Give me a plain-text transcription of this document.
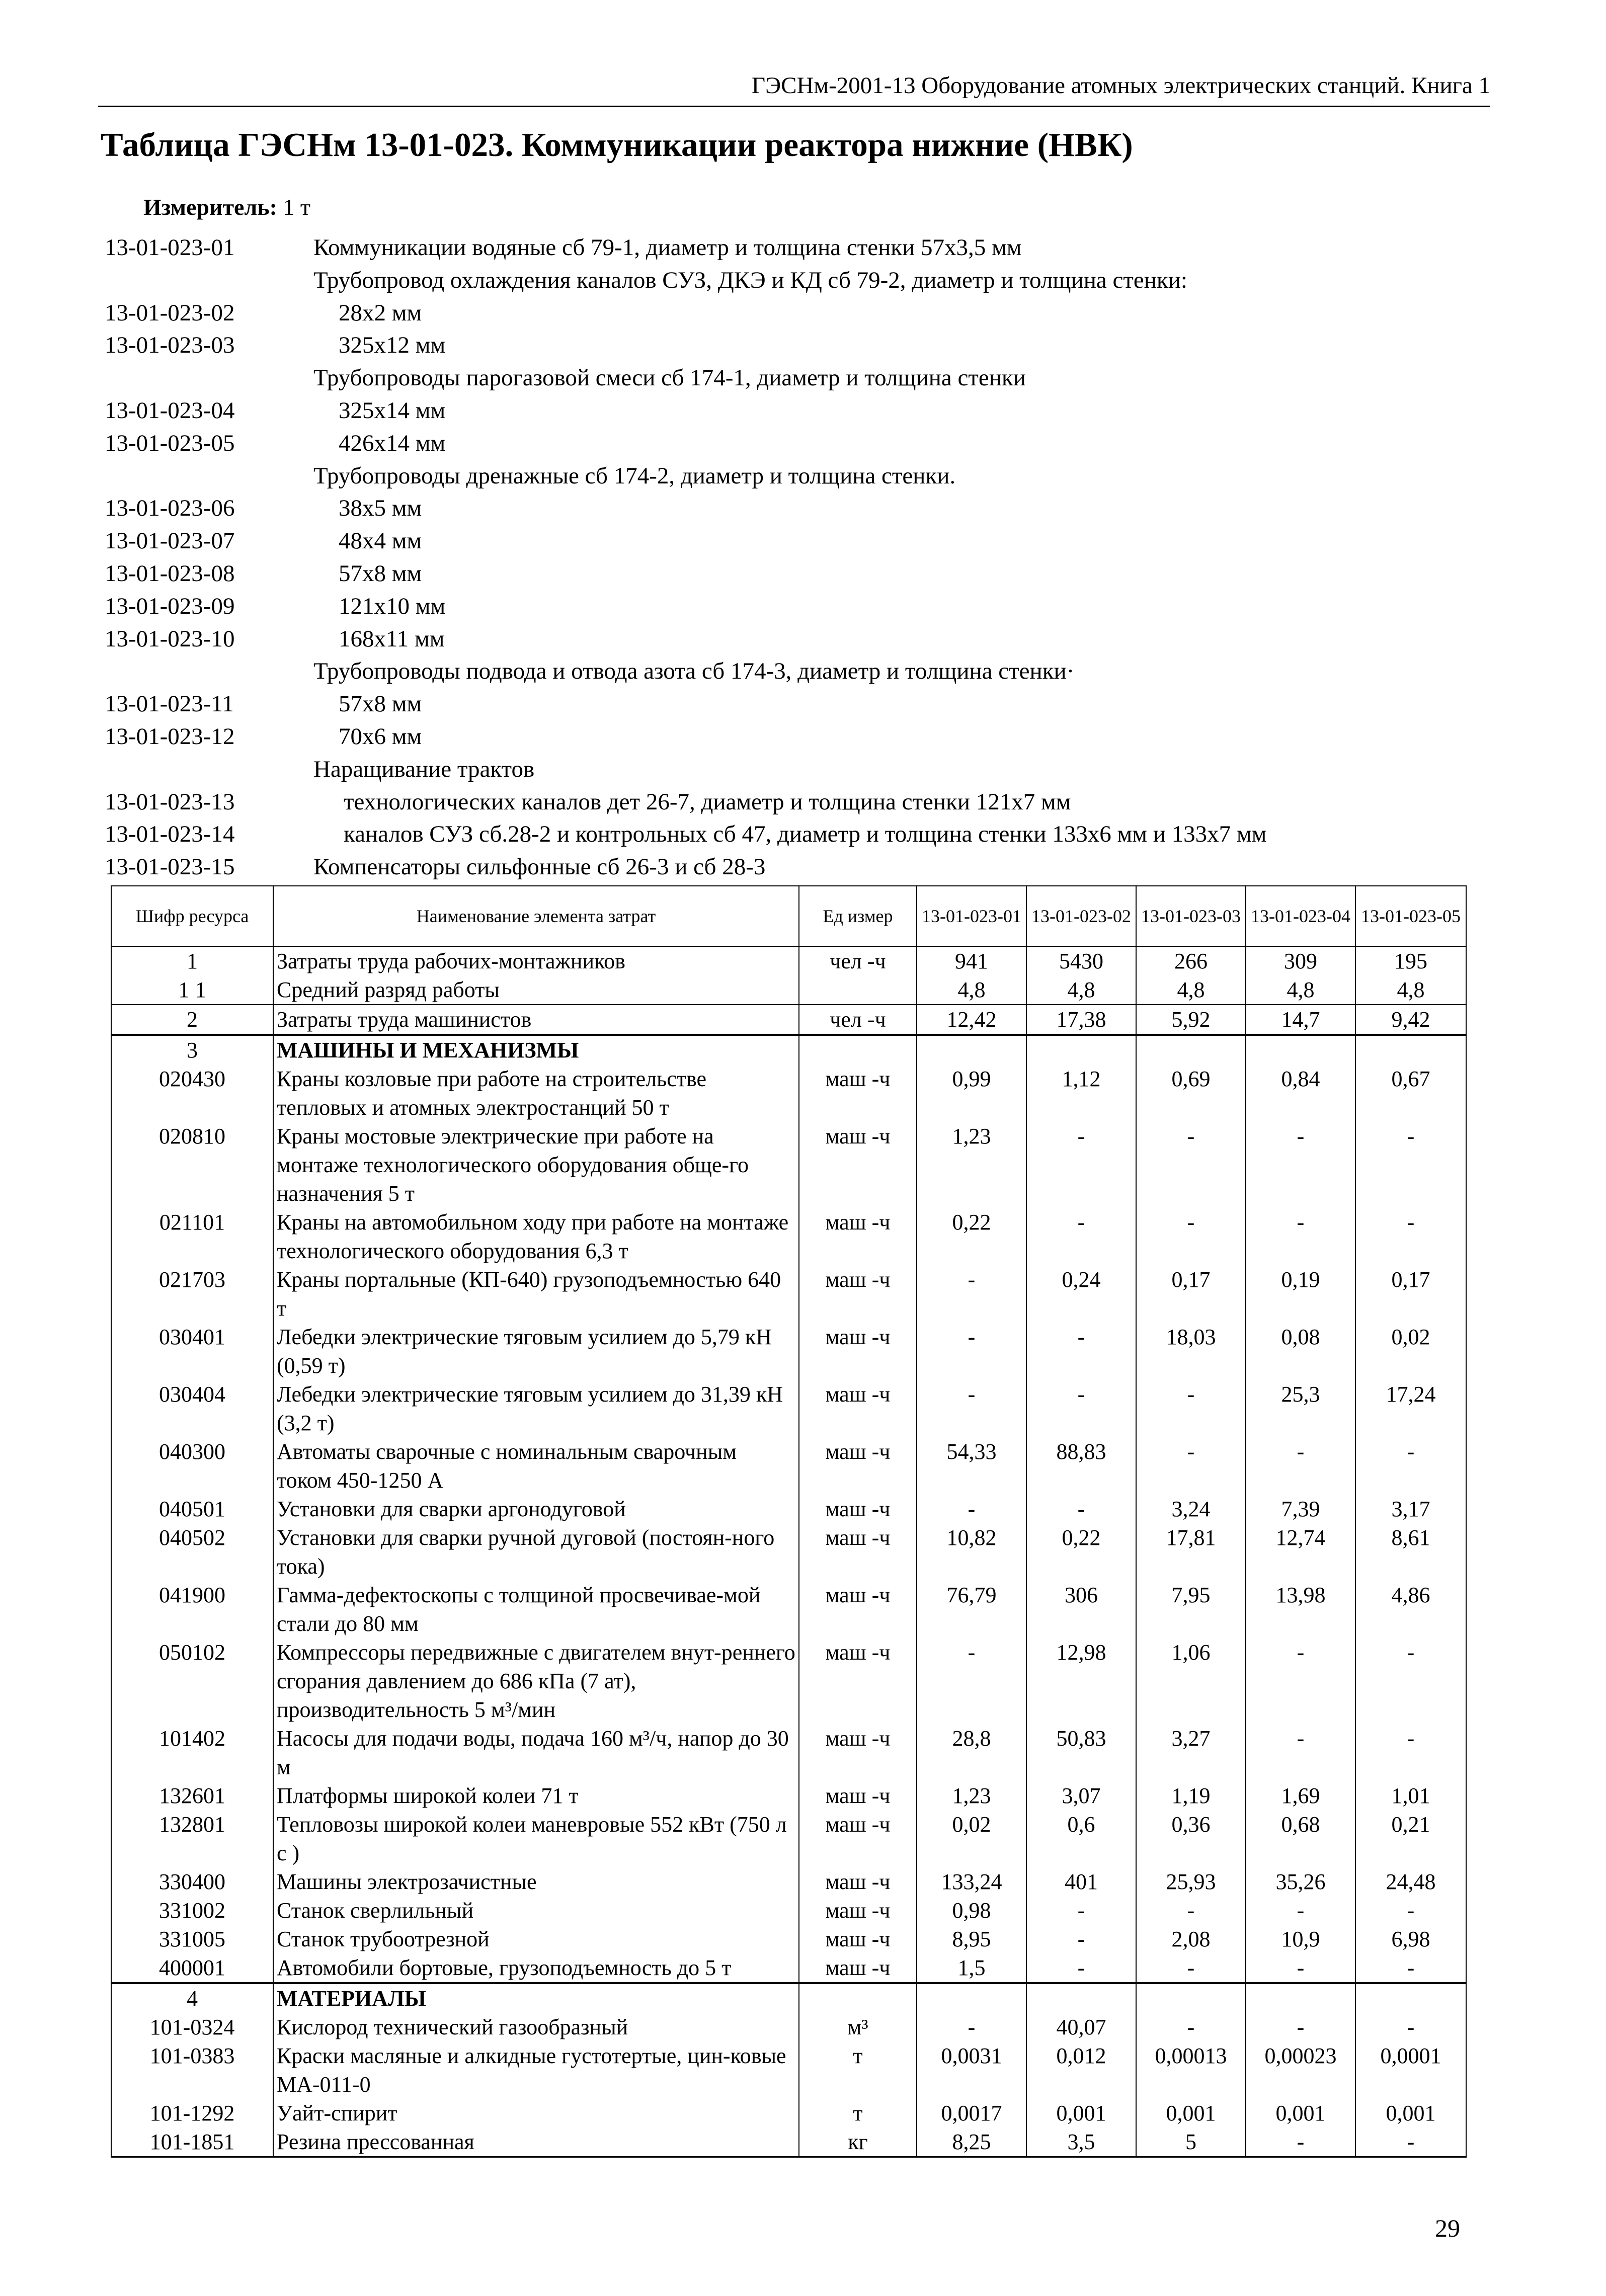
ГЭСНм-2001-13 Оборудование атомных электрических станций. Книга 1
Таблица ГЭСНм 13-01-023. Коммуникации реактора нижние (НВК)
Измеритель: 1 т
13-01-023-01	Коммуникации водяные сб 79-1, диаметр и толщина стенки 57х3,5 мм
Трубопровод охлаждения каналов СУЗ, ДКЭ и КД сб 79-2, диаметр и толщина стенки:
13-01-023-02	28х2 мм
13-01-023-03	325х12 мм
Трубопроводы парогазовой смеси сб 174-1, диаметр и толщина стенки
13-01-023-04	325х14 мм
13-01-023-05	426х14 мм
Трубопроводы дренажные сб 174-2, диаметр и толщина стенки.
13-01-023-06	38х5 мм
13-01-023-07	48х4 мм
13-01-023-08	57х8 мм
13-01-023-09	121х10 мм
13-01-023-10	168х11 мм
Трубопроводы подвода и отвода азота сб 174-3, диаметр и толщина стенки·
13-01-023-11	57х8 мм
13-01-023-12	70х6 мм
Наращивание трактов
13-01-023-13	технологических каналов дет 26-7, диаметр и толщина стенки 121х7 мм
13-01-023-14	каналов СУЗ сб.28-2 и контрольных сб 47, диаметр и толщина стенки 133х6 мм и 133х7 мм
13-01-023-15	Компенсаторы сильфонные сб 26-3 и сб 28-3
Шифр ресурса	Наименование элемента затрат	Ед измер	13-01-023-01	13-01-023-02	13-01-023-03	13-01-023-04	13-01-023-05
1	Затраты труда рабочих-монтажников	чел -ч	941	5430	266	309	195
1 1	Средний разряд работы		4,8	4,8	4,8	4,8	4,8
2	Затраты труда машинистов	чел -ч	12,42	17,38	5,92	14,7	9,42
3	МАШИНЫ И МЕХАНИЗМЫ						
020430	Краны козловые при работе на строительстве тепловых и атомных электростанций 50 т	маш -ч	0,99	1,12	0,69	0,84	0,67
020810	Краны мостовые электрические при работе на монтаже технологического оборудования обще-го назначения 5 т	маш -ч	1,23	-	-	-	-
021101	Краны на автомобильном ходу при работе на монтаже технологического оборудования 6,3 т	маш -ч	0,22	-	-	-	-
021703	Краны портальные (КП-640) грузоподъемностью 640 т	маш -ч	-	0,24	0,17	0,19	0,17
030401	Лебедки электрические тяговым усилием до 5,79 кН (0,59 т)	маш -ч	-	-	18,03	0,08	0,02
030404	Лебедки электрические тяговым усилием до 31,39 кН (3,2 т)	маш -ч	-	-	-	25,3	17,24
040300	Автоматы сварочные с номинальным сварочным током 450-1250 А	маш -ч	54,33	88,83	-	-	-
040501	Установки для сварки аргонодуговой	маш -ч	-	-	3,24	7,39	3,17
040502	Установки для сварки ручной дуговой (постоян-ного тока)	маш -ч	10,82	0,22	17,81	12,74	8,61
041900	Гамма-дефектоскопы с толщиной просвечивае-мой стали до 80 мм	маш -ч	76,79	306	7,95	13,98	4,86
050102	Компрессоры передвижные с двигателем внут-реннего сгорания давлением до 686 кПа (7 ат), производительность 5 м³/мин	маш -ч	-	12,98	1,06	-	-
101402	Насосы для подачи воды, подача 160 м³/ч, напор до 30 м	маш -ч	28,8	50,83	3,27	-	-
132601	Платформы широкой колеи 71 т	маш -ч	1,23	3,07	1,19	1,69	1,01
132801	Тепловозы широкой колеи маневровые 552 кВт (750 л с )	маш -ч	0,02	0,6	0,36	0,68	0,21
330400	Машины электрозачистные	маш -ч	133,24	401	25,93	35,26	24,48
331002	Станок сверлильный	маш -ч	0,98	-	-	-	-
331005	Станок трубоотрезной	маш -ч	8,95	-	2,08	10,9	6,98
400001	Автомобили бортовые, грузоподъемность до 5 т	маш -ч	1,5	-	-	-	-
4	МАТЕРИАЛЫ						
101-0324	Кислород технический газообразный	м³	-	40,07	-	-	-
101-0383	Краски масляные и алкидные густотертые, цин-ковые МА-011-0	т	0,0031	0,012	0,00013	0,00023	0,0001
101-1292	Уайт-спирит	т	0,0017	0,001	0,001	0,001	0,001
101-1851	Резина прессованная	кг	8,25	3,5	5	-	-
29
